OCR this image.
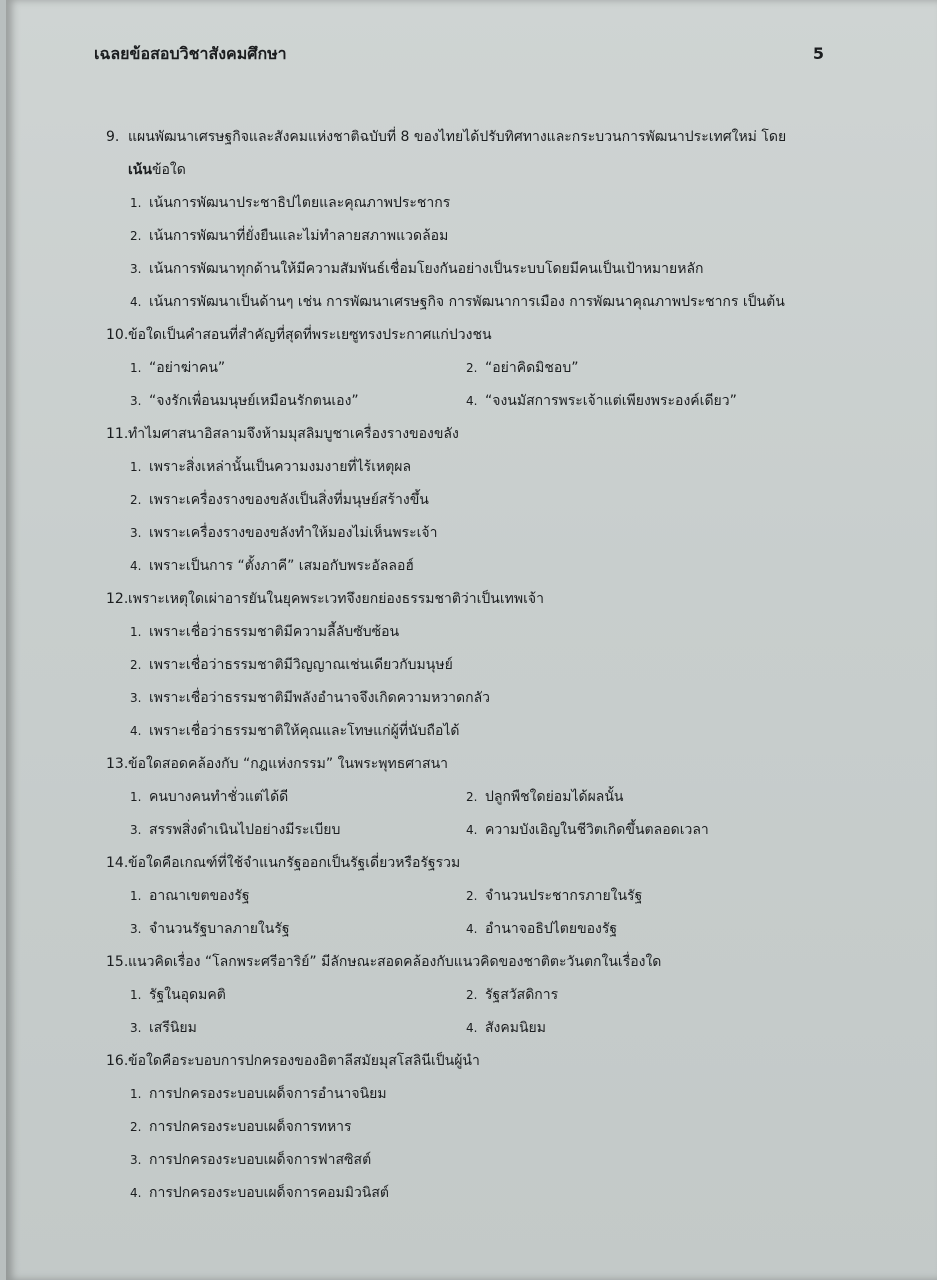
เฉลยข้อสอบวิชาสังคมศึกษา	5
9. แผนพัฒนาเศรษฐกิจและสังคมแห่งชาติฉบับที่ 8 ของไทยได้ปรับทิศทางและกระบวนการพัฒนาประเทศใหม่ โดย
เน้นข้อใด
1. เน้นการพัฒนาประชาธิปไตยและคุณภาพประชากร
2. เน้นการพัฒนาที่ยั่งยืนและไม่ทำลายสภาพแวดล้อม
3. เน้นการพัฒนาทุกด้านให้มีความสัมพันธ์เชื่อมโยงกันอย่างเป็นระบบโดยมีคนเป็นเป้าหมายหลัก
4. เน้นการพัฒนาเป็นด้านๆ เช่น การพัฒนาเศรษฐกิจ การพัฒนาการเมือง การพัฒนาคุณภาพประชากร เป็นต้น
10. ข้อใดเป็นคำสอนที่สำคัญที่สุดที่พระเยซูทรงประกาศแก่ปวงชน
1. “อย่าฆ่าคน”	2. “อย่าคิดมิชอบ”
3. “จงรักเพื่อนมนุษย์เหมือนรักตนเอง”	4. “จงนมัสการพระเจ้าแต่เพียงพระองค์เดียว”
11. ทำไมศาสนาอิสลามจึงห้ามมุสลิมบูชาเครื่องรางของขลัง
1. เพราะสิ่งเหล่านั้นเป็นความงมงายที่ไร้เหตุผล
2. เพราะเครื่องรางของขลังเป็นสิ่งที่มนุษย์สร้างขึ้น
3. เพราะเครื่องรางของขลังทำให้มองไม่เห็นพระเจ้า
4. เพราะเป็นการ “ตั้งภาคี” เสมอกับพระอัลลอฮ์
12. เพราะเหตุใดเผ่าอารยันในยุคพระเวทจึงยกย่องธรรมชาติว่าเป็นเทพเจ้า
1. เพราะเชื่อว่าธรรมชาติมีความลี้ลับซับซ้อน
2. เพราะเชื่อว่าธรรมชาติมีวิญญาณเช่นเดียวกับมนุษย์
3. เพราะเชื่อว่าธรรมชาติมีพลังอำนาจจึงเกิดความหวาดกลัว
4. เพราะเชื่อว่าธรรมชาติให้คุณและโทษแก่ผู้ที่นับถือได้
13. ข้อใดสอดคล้องกับ “กฎแห่งกรรม” ในพระพุทธศาสนา
1. คนบางคนทำชั่วแต่ได้ดี	2. ปลูกพืชใดย่อมได้ผลนั้น
3. สรรพสิ่งดำเนินไปอย่างมีระเบียบ	4. ความบังเอิญในชีวิตเกิดขึ้นตลอดเวลา
14. ข้อใดคือเกณฑ์ที่ใช้จำแนกรัฐออกเป็นรัฐเดี่ยวหรือรัฐรวม
1. อาณาเขตของรัฐ	2. จำนวนประชากรภายในรัฐ
3. จำนวนรัฐบาลภายในรัฐ	4. อำนาจอธิปไตยของรัฐ
15. แนวคิดเรื่อง “โลกพระศรีอาริย์” มีลักษณะสอดคล้องกับแนวคิดของชาติตะวันตกในเรื่องใด
1. รัฐในอุดมคติ	2. รัฐสวัสดิการ
3. เสรีนิยม	4. สังคมนิยม
16. ข้อใดคือระบอบการปกครองของอิตาลีสมัยมุสโสลินีเป็นผู้นำ
1. การปกครองระบอบเผด็จการอำนาจนิยม
2. การปกครองระบอบเผด็จการทหาร
3. การปกครองระบอบเผด็จการฟาสซิสต์
4. การปกครองระบอบเผด็จการคอมมิวนิสต์
